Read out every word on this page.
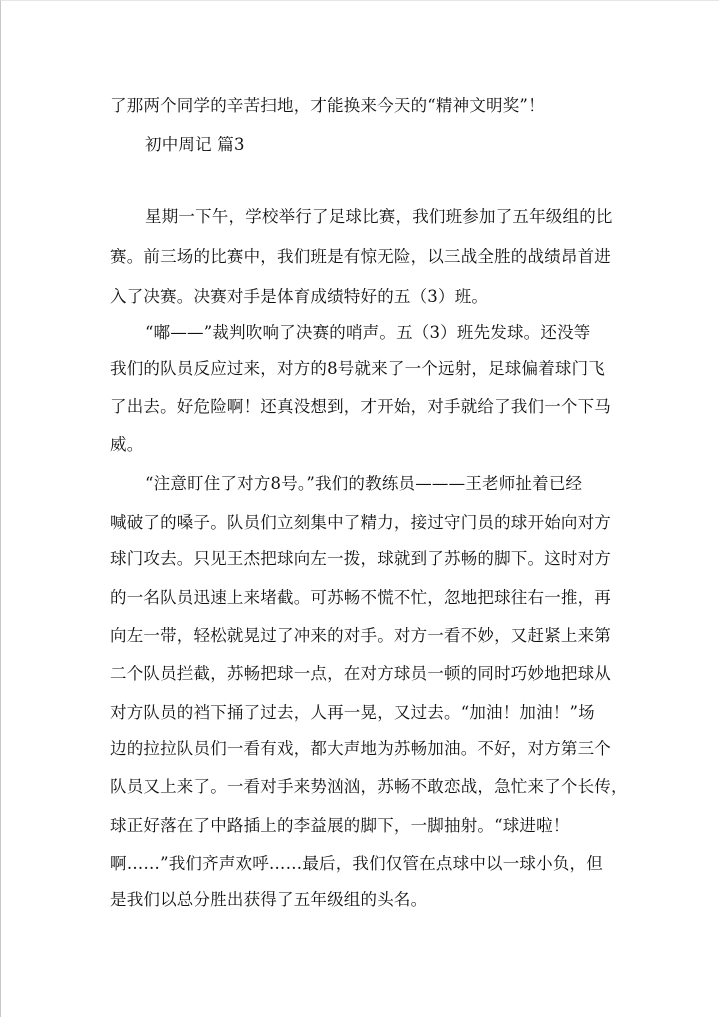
了那两个同学的辛苦扫地，才能换来今天的“精神文明奖”！
初中周记 篇3
星期一下午，学校举行了足球比赛，我们班参加了五年级组的比
赛。前三场的比赛中，我们班是有惊无险，以三战全胜的战绩昂首进
入了决赛。决赛对手是体育成绩特好的五（3）班。
“嘟——”裁判吹响了决赛的哨声。五（3）班先发球。还没等
我们的队员反应过来，对方的8号就来了一个远射，足球偏着球门飞
了出去。好危险啊！还真没想到，才开始，对手就给了我们一个下马
威。
“注意盯住了对方8号。”我们的教练员———王老师扯着已经
喊破了的嗓子。队员们立刻集中了精力，接过守门员的球开始向对方
球门攻去。只见王杰把球向左一拨，球就到了苏畅的脚下。这时对方
的一名队员迅速上来堵截。可苏畅不慌不忙，忽地把球往右一推，再
向左一带，轻松就晃过了冲来的对手。对方一看不妙，又赶紧上来第
二个队员拦截，苏畅把球一点，在对方球员一顿的同时巧妙地把球从
对方队员的裆下捅了过去，人再一晃，又过去。“加油！加油！”场
边的拉拉队员们一看有戏，都大声地为苏畅加油。不好，对方第三个
队员又上来了。一看对手来势汹汹，苏畅不敢恋战，急忙来了个长传，
球正好落在了中路插上的李益展的脚下，一脚抽射。“球进啦！
啊……”我们齐声欢呼……最后，我们仅管在点球中以一球小负，但
是我们以总分胜出获得了五年级组的头名。
